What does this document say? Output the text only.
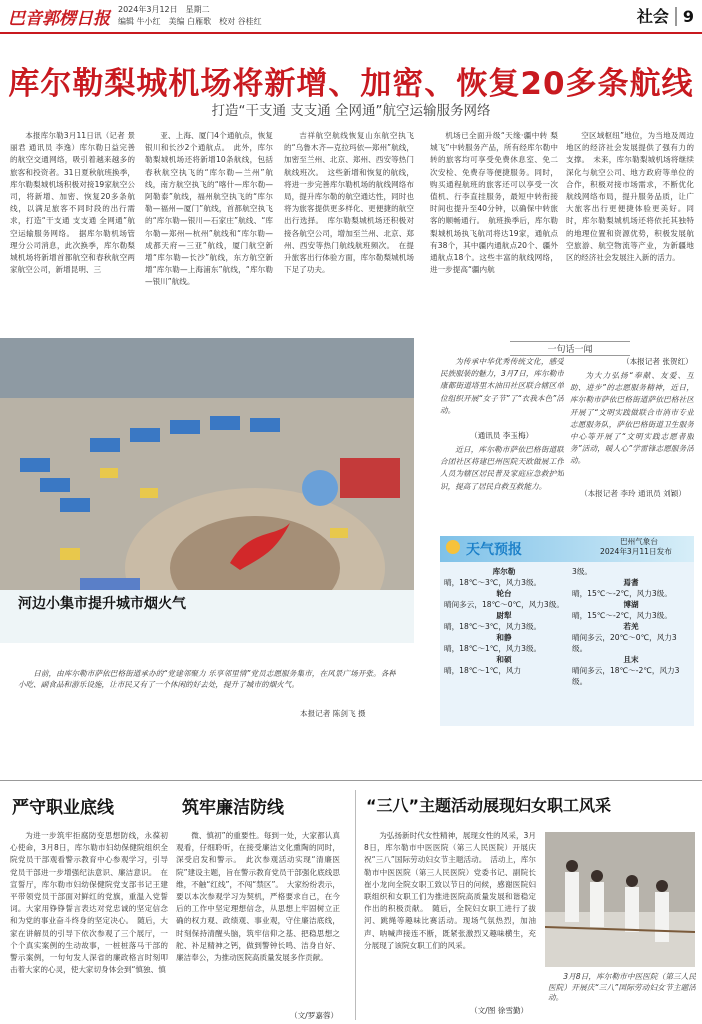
巴音郭楞日报 2024年3月12日　星期二
编辑 牛小红　美编 白雁歌　校对 谷桂红	社会 9
库尔勒梨城机场将新增、加密、恢复20多条航线
打造“干支通 支支通 全网通”航空运输服务网络

本报库尔勒3月11日讯（记者 景丽君 通讯员 李逸）库尔勒日益完善的航空交通网络，吸引着越来越多的旅客和投资者。31日夏秋航班换季，库尔勒梨城机场积极对接19家航空公司，将新增、加密、恢复20多条航线，以满足旅客不同时段的出行需求，打造“干支通 支支通 全网通”航空运输服务网络。　据库尔勒机场管理分公司消息，此次换季，库尔勒梨城机场将新增首都航空和春秋航空两家航空公司，新增昆明、三

亚、上海、厦门4个通航点，恢复银川和长沙2个通航点。　此外，库尔勒梨城机场还将新增10条航线，包括春秋航空执飞的“库尔勒—兰州”航线，南方航空执飞的“喀什—库尔勒—阿勒泰”航线，福州航空执飞的“库尔勒—福州—厦门”航线，首都航空执飞的“库尔勒—银川—石家庄”航线、“库尔勒—郑州—杭州”航线和“库尔勒—成都天府—三亚”航线，厦门航空新增“库尔勒—长沙”航线，东方航空新增“库尔勒—上海浦东”航线，“库尔勒—银川”航线。

吉祥航空航线恢复山东航空执飞的“乌鲁木齐—克拉玛依—郑州”航线，加密至兰州、北京、郑州、西安等热门航线班次。　这些新增和恢复的航线，将进一步完善库尔勒机场的航线网络布局，提升库尔勒的航空通达性，同时也将为旅客提供更多样化、更便捷的航空出行选择。　库尔勒梨城机场还积极对接各航空公司，增加至兰州、北京、郑州、西安等热门航线航班频次。　在提升旅客出行体验方面，库尔勒梨城机场下足了功夫。

机场已全面升级“天缘·疆中转 梨城飞”中转服务产品，所有经库尔勒中转的旅客均可享受免费休息室、免二次安检、免费存等便捷服务。同时，购买通程航班的旅客还可以享受一次值机、行李直挂服务，最短中转衔接时间也提升至40分钟，以确保中转旅客的顺畅通行。　航班换季后，库尔勒梨城机场执飞航司将达19家，通航点有38个，其中疆内通航点20个、疆外通航点18个。这些丰富的航线网络，进一步提高“疆内航

空区域枢纽”地位，为当地及周边地区的经济社会发展提供了强有力的支撑。　未来，库尔勒梨城机场将继续深化与航空公司、地方政府等单位的合作，积极对接市场需求，不断优化航线网络布局，提升服务品质，让广大旅客出行更便捷体验更美好。同时，库尔勒梨城机场还将依托其独特的地理位置和资源优势，积极发展航空旅游、航空物流等产业，为新疆地区的经济社会发展注入新的活力。

河边小集市提升城市烟火气

日前，由库尔勒市萨依巴格街道承办的“党建邻聚力 乐享邻里情”党员志愿服务集市，在风景广场开张。各种小吃、副食品和游乐设施，让市民又有了一个休闲的好去处，提升了城市的烟火气。

本报记者 陈剑飞 摄
一句话一闻

为传承中华优秀传统文化，感受民族服装的魅力，3月7日，库尔勒市康都街道塔里木油田社区联合辖区单位组织开展“女子节”了“衣我本色”活动。

（通讯员 李玉梅）

近日，库尔勒市萨依巴格街道联合团社区将建巴州医院天欧做展工作人员为辖区居民普及家庭应急救护知识，提高了居民自救互救能力。

（本报记者 张贺红）

为大力弘扬“奉献、友爱、互助、进步”的志愿服务精神，近日，库尔勒市萨依巴格街道萨依巴格社区开展了“文明实践做联合市消市专业志愿服务队，萨依巴格街道卫生服务中心等开展了“文明实践志愿者服务”活动，暖人心”学雷锋志愿服务活动。

（本报记者 李玲 通讯员 刘颖）
天气预报
巴州气象台
2024年3月11日发布
库尔勒
晴，18℃～3℃，风力3级。
轮台
晴间多云，18℃～0℃，风力3级。
尉犁
晴，18℃～3℃，风力3级。
和静
晴，18℃～1℃，风力3级。
和硕
晴，18℃～1℃，风力
3级。
焉耆
晴，15℃～-2℃，风力3级。
博湖
晴，15℃～-2℃，风力3级。
若羌
晴间多云，20℃～0℃，风力3级。
且末
晴间多云，18℃～-2℃，风力3级。
严守职业底线	筑牢廉洁防线

为进一步筑牢拒腐防变思想防线，永葆初心使命，3月8日，库尔勒市妇幼保健院组织全院党员干部观看警示教育中心参观学习，引导党员干部进一步增强纪法意识、廉洁意识。　在宣誓厅，库尔勒市妇幼保健院党支部书记王建平带领党员干部面对鲜红的党旗，重温入党誓词。大家用铮铮誓言表达对党忠诚的坚定信念和为党的事业奋斗终身的坚定决心。　随后，大家在讲解员的引导下依次参观了三个展厅，一个个真实案例的生动故事，一桩桩落马干部的警示案例，一句句发人深省的廉政格言时刻叩击着大家的心灵，使大家切身体会到“慎独、慎

微、慎初”的重要性。每到一处，大家都认真观看，仔细聆听，在接受廉洁文化熏陶的同时，深受启发和警示。　此次参观活动实现“清廉医院”建设主题，旨在警示教育党员干部强化底线思维，不触“红线”，不闯“禁区”。　大家纷纷表示，要以本次参观学习为契机，严格要求自己，在今后的工作中坚定理想信念，从思想上牢固树立正确的权力观、政绩观、事业观，守住廉洁底线，时刻保持清醒头脑，筑牢信仰之基、把稳思想之舵、补足精神之钙，做到警钟长鸣、洁身自好、廉洁奉公，为推动医院高质量发展多作贡献。

（文/罗嘉蓉）
“三八”主题活动展现妇女职工风采

为弘扬新时代女性精神，展现女性的风采，3月8日，库尔勒市中医医院（第三人民医院）开展庆祝“三八”国际劳动妇女节主题活动。　活动上，库尔勒市中医医院（第三人民医院）党委书记、副院长崔小龙向全院女职工致以节日的问候，感谢医院妇联组织和女职工们为推进医院高质量发展和谐稳定作出的积极贡献。　随后，全院妇女职工进行了拔河、跳绳等趣味比赛活动。现场气氛热烈，加油声、呐喊声接连不断，既紧张激烈又趣味横生，充分展现了该院女职工们的风采。

（文/图 徐雪勤）

3月8日，库尔勒市中医医院（第三人民医院）开展庆“三八”国际劳动妇女节主题活动。
